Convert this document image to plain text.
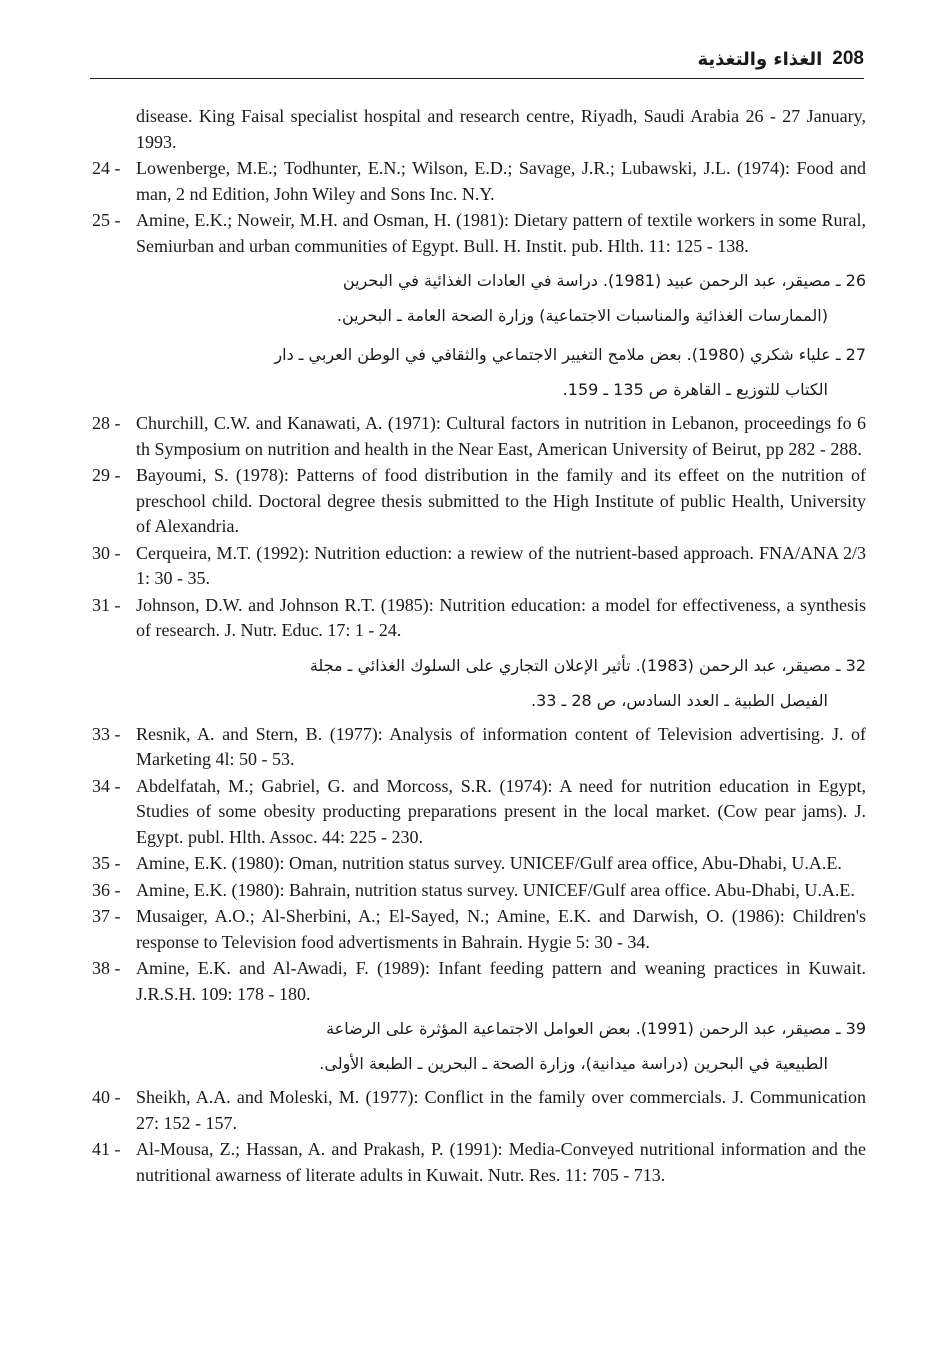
الغذاء والتغذية 208
disease. King Faisal specialist hospital and research centre, Riyadh, Saudi Arabia 26 - 27 January, 1993.
24 - Lowenberge, M.E.; Todhunter, E.N.; Wilson, E.D.; Savage, J.R.; Lubawski, J.L. (1974): Food and man, 2 nd Edition, John Wiley and Sons Inc. N.Y.
25 - Amine, E.K.; Noweir, M.H. and Osman, H. (1981): Dietary pattern of textile workers in some Rural, Semiurban and urban communities of Egypt. Bull. H. Instit. pub. Hlth. 11: 125 - 138.
26 ـ مصيقر، عبد الرحمن عبيد (1981). دراسة في العادات الغذائية في البحرين
(الممارسات الغذائية والمناسبات الاجتماعية) وزارة الصحة العامة ـ البحرين.
27 ـ علياء شكري (1980). بعض ملامح التغيير الاجتماعي والثقافي في الوطن العربي ـ دار
الكتاب للتوزيع ـ القاهرة ص 135 ـ 159.
28 - Churchill, C.W. and Kanawati, A. (1971): Cultural factors in nutrition in Lebanon, proceedings fo 6 th Symposium on nutrition and health in the Near East, American University of Beirut, pp 282 - 288.
29 - Bayoumi, S. (1978): Patterns of food distribution in the family and its effeet on the nutrition of preschool child. Doctoral degree thesis submitted to the High Institute of public Health, University of Alexandria.
30 - Cerqueira, M.T. (1992): Nutrition eduction: a rewiew of the nutrient-based approach. FNA/ANA 2/3 1: 30 - 35.
31 - Johnson, D.W. and Johnson R.T. (1985): Nutrition education: a model for effectiveness, a synthesis of research. J. Nutr. Educ. 17: 1 - 24.
32 ـ مصيقر، عبد الرحمن (1983). تأثير الإعلان التجاري على السلوك الغذائي ـ مجلة
الفيصل الطبية ـ العدد السادس، ص 28 ـ 33.
33 - Resnik, A. and Stern, B. (1977): Analysis of information content of Television advertising. J. of Marketing 4l: 50 - 53.
34 - Abdelfatah, M.; Gabriel, G. and Morcoss, S.R. (1974): A need for nutrition education in Egypt, Studies of some obesity producting preparations present in the local market. (Cow pear jams). J. Egypt. publ. Hlth. Assoc. 44: 225 - 230.
35 - Amine, E.K. (1980): Oman, nutrition status survey. UNICEF/Gulf area office, Abu-Dhabi, U.A.E.
36 - Amine, E.K. (1980): Bahrain, nutrition status survey. UNICEF/Gulf area office. Abu-Dhabi, U.A.E.
37 - Musaiger, A.O.; Al-Sherbini, A.; El-Sayed, N.; Amine, E.K. and Darwish, O. (1986): Children's response to Television food advertisments in Bahrain. Hygie 5: 30 - 34.
38 - Amine, E.K. and Al-Awadi, F. (1989): Infant feeding pattern and weaning practices in Kuwait. J.R.S.H. 109: 178 - 180.
39 ـ مصيقر، عبد الرحمن (1991). بعض العوامل الاجتماعية المؤثرة على الرضاعة
الطبيعية في البحرين (دراسة ميدانية)، وزارة الصحة ـ البحرين ـ الطبعة الأولى.
40 - Sheikh, A.A. and Moleski, M. (1977): Conflict in the family over commercials. J. Communication 27: 152 - 157.
41 - Al-Mousa, Z.; Hassan, A. and Prakash, P. (1991): Media-Conveyed nutritional information and the nutritional awarness of literate adults in Kuwait. Nutr. Res. 11: 705 - 713.
